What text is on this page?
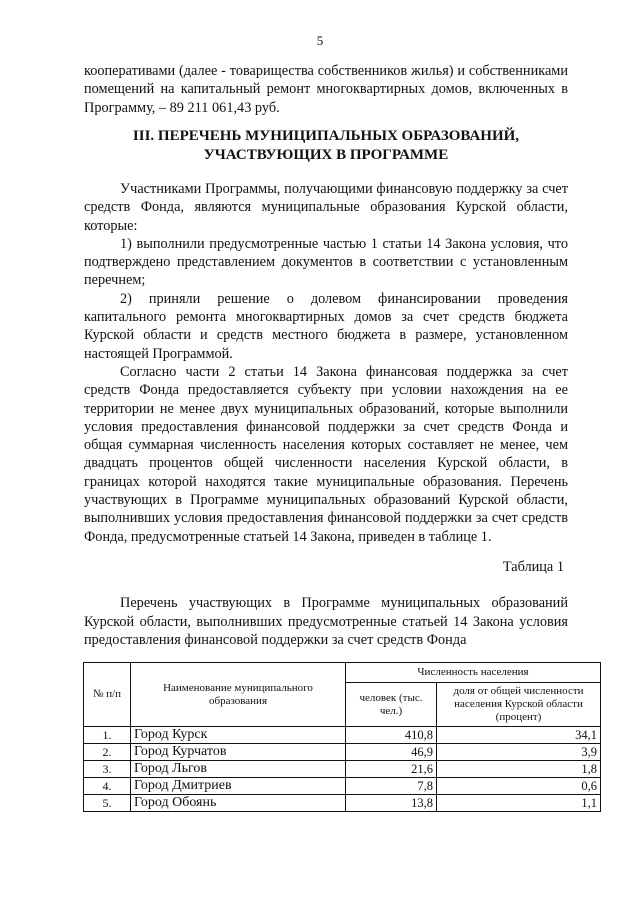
5

кооперативами (далее - товарищества собственников жилья) и собственниками помещений на капитальный ремонт многоквартирных домов, включенных в Программу, – 89 211 061,43 руб.

III. ПЕРЕЧЕНЬ МУНИЦИПАЛЬНЫХ ОБРАЗОВАНИЙ,
УЧАСТВУЮЩИХ В ПРОГРАММЕ

Участниками Программы, получающими финансовую поддержку за счет средств Фонда, являются муниципальные образования Курской области, которые:

1) выполнили предусмотренные частью 1 статьи 14 Закона условия, что подтверждено представлением документов в соответствии с установленным перечнем;

2) приняли решение о долевом финансировании проведения капитального ремонта многоквартирных домов за счет средств бюджета Курской области и средств местного бюджета в размере, установленном настоящей Программой.

Согласно части 2 статьи 14 Закона финансовая поддержка за счет средств Фонда предоставляется субъекту при условии нахождения на ее территории не менее двух муниципальных образований, которые выполнили условия предоставления финансовой поддержки за счет средств Фонда и общая суммарная численность населения которых составляет не менее, чем двадцать процентов общей численности населения Курской области, в границах которой находятся такие муниципальные образования. Перечень участвующих в Программе муниципальных образований Курской области, выполнивших условия предоставления финансовой поддержки за счет средств Фонда, предусмотренные статьей 14 Закона, приведен в таблице 1.

Таблица 1

Перечень участвующих в Программе муниципальных образований Курской области, выполнивших предусмотренные статьей 14 Закона условия предоставления финансовой поддержки за счет средств Фонда

№ п/п	Наименование муниципального образования	Численность населения	
		человек (тыс. чел.)	доля от общей численности населения Курской области (процент)
1.	Город Курск	410,8	34,1
2.	Город Курчатов	46,9	3,9
3.	Город Льгов	21,6	1,8
4.	Город Дмитриев	7,8	0,6
5.	Город Обоянь	13,8	1,1
